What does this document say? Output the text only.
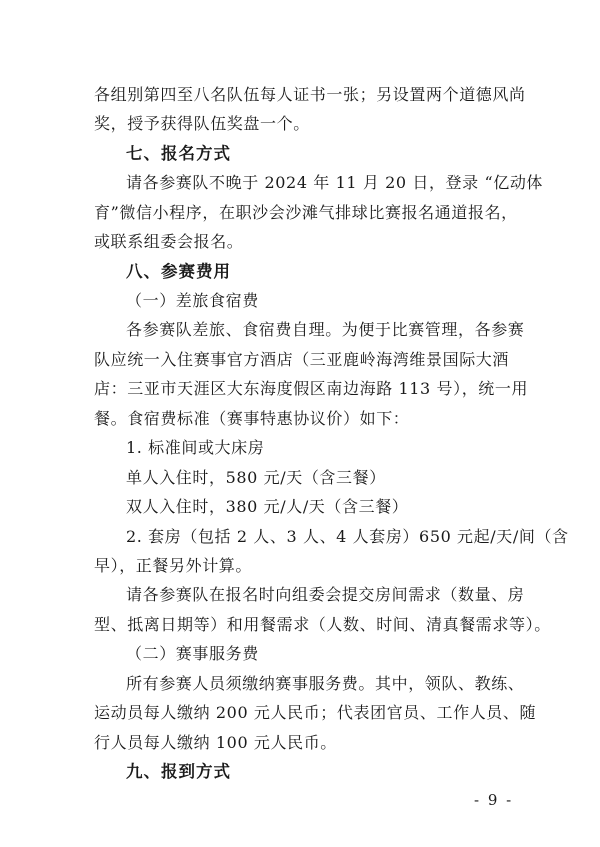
各组别第四至八名队伍每人证书一张；另设置两个道德风尚
奖，授予获得队伍奖盘一个。
七、报名方式
请各参赛队不晚于 2024 年 11 月 20 日，登录 “亿动体
育”微信小程序，在职沙会沙滩气排球比赛报名通道报名，
或联系组委会报名。
八、参赛费用
（一）差旅食宿费
各参赛队差旅、食宿费自理。为便于比赛管理，各参赛
队应统一入住赛事官方酒店（三亚鹿岭海湾维景国际大酒
店：三亚市天涯区大东海度假区南边海路 113 号），统一用
餐。食宿费标准（赛事特惠协议价）如下：
1. 标准间或大床房
单人入住时，580 元/天（含三餐）
双人入住时，380 元/人/天（含三餐）
2. 套房（包括 2 人、3 人、4 人套房）650 元起/天/间（含
早），正餐另外计算。
请各参赛队在报名时向组委会提交房间需求（数量、房
型、抵离日期等）和用餐需求（人数、时间、清真餐需求等）。
（二）赛事服务费
所有参赛人员须缴纳赛事服务费。其中，领队、教练、
运动员每人缴纳 200 元人民币；代表团官员、工作人员、随
行人员每人缴纳 100 元人民币。
九、报到方式
- 9 -
